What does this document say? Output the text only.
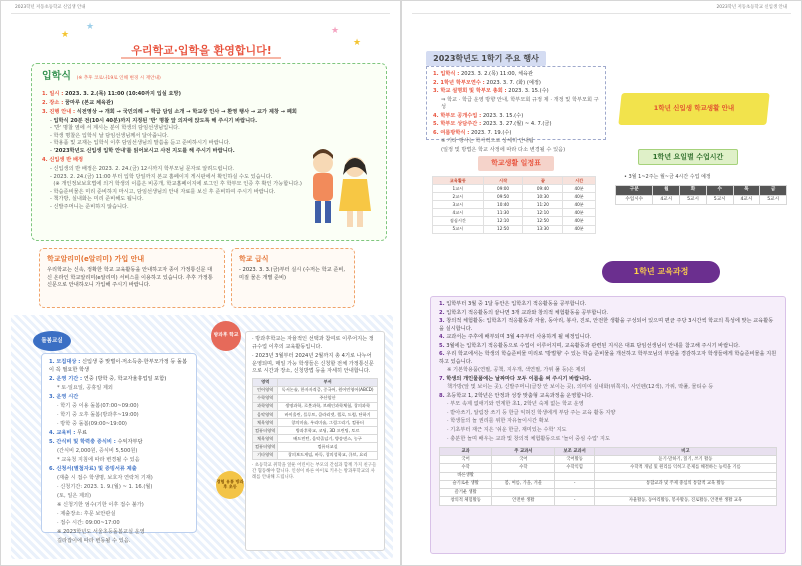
2023학년 저동초등학교 신입생 안내
★
★	★
★
우리학교·입학을 환영합니다!
입학식 (※ 추후 코로나19로 인해 변경 시 재안내)
1. 일시 : 2023. 3. 2.(목) 11:00 (10:40까지 입실 요망)
2. 장소 : 꿈마루 (본교 체육관)
3. 진행 안내 : 식전영상 → 개회 → 국민의례 → 학급 담임 소개 → 학교장 인사 → 환영 행사 → 교가 제창 → 폐회
- 입학식 20분 전(10시 40분)까지 지정된 '반' 명찰 앞 의자에 앉도록 해 주시기 바랍니다.
- '반' 명찰 옆에 서 계시는 분이 학생의 담임선생님입니다.
- 학생 명찰은 입학식 날 담임선생님께서 달아줍니다.
- 학용품 및 교재는 입학식 이후 담임선생님의 말씀을 듣고 준비하시기 바랍니다.
- '2023학년도 신입생 입학 안내'를 읽어보시고 사전 지도를 해 주시기 바랍니다.
4. 신입생 반 배정
- 신입생의 반 배정은 2023. 2. 24.(금) 12시까지 학부모님 문자로 알려드립니다.
- 2023. 2. 24.(금) 11:00 부터 입학 당일까지 본교 홈페이지 게시판에서 확인하실 수도 있습니다.
(※ 개인정보보호법에 의거 학생의 이름은 비공개, 학교홈페이지에 로그인 후 학부모 인증 후 확인 가능합니다.)
- 학습준비물은 미리 준비하지 마시고, 담임선생님의 안내 자료를 보신 후 준비하여 주시기 바랍니다.
- 책가방, 실내화는 미리 준비해도 됩니다.
- 신발주머니는 준비하지 않습니다.
학교알리미(e알리미) 가입 안내
우리학교는 신속, 정확한 학교 교육활동을 안내하고자 종이 가정통신문 대신 온라인 학교알리미(e알리미) 서비스를 이용하고 있습니다. 추후 가정통신문으로 안내하오니 가입해 주시기 바랍니다.
학교 급식
- 2023. 3. 3.(금)부터 실시 (수저는 학교 준비, 미질 물은 개별 준비)
돌봄교실
1. 모집대상 : 신입생 중 맞벌이·저소득층·한부모가정 등 돌봄이 꼭 필요한 학생
2. 운영 기간 : 연중 (방학 중, 학교자율휴업일 포함)
* 토·일요일, 공휴일 제외
3. 운영 시간
· 학기 중 이용 돌봄(07:00~09:00)
· 학기 중 오후 돌봄(방과후~19:00)
· 방학 중 돌봄(09:00~19:00)
4. 교육비 : 무료
5. 간식비 및 학력충 증식비 : 수익자부담
(간식비 2,000원, 증식비 5,500원)
* 교육청 지침에 따라 변경될 수 있음
6. 신청서(별첨자료) 및 증빙서류 제출
(재출 시 접수 학생명, 보호자 연락처 기재)
· 신청기간: 2023. 1. 9.(월) ~ 1. 16.(월)
(토, 일은 제외)
※ 신청기한 엄수(기한 이후 접수 불가)
· 제출장소: 후문 보안관실
· 접수 시간: 09:00~17:00
※ 2023학년도 서울초등돌봄교실 운영
길라잡이에 따라 변동될 수 있음.
방과후 학교

· 방과후학교는 자율적인 선택과 참여로 이루어지는 정규수업 이후의 교육활동입니다.

· 2023년 3월부터 2024년 2월까지 총 4기로 나누어 운영되며, 매일 가능 학생들은 신청할 전체 가정통신문으로 시간과 장소, 신청방법 등을 자세히 안내합니다.

영역	부서
언어영역	독서논술, 한자자격증, 중국어, 원어민영어(ABCD)
수학영역	주산암산
과학영역	생명과학, 로봇과학, 브레인과학체험, 창의과학
음악영역	바이올린, 플루트, 클라리넷, 첼로, 드럼, 단하기
체육영역	창의미술, 우리미술, 그림그리기, 컴퓨터
컴퓨터영역	방과후학교, 코딩, 3D 프린팅, 토르
체육영역	배드민턴, 음악줄넘기, 방송댄스, 농구
컴퓨터영역	컴퓨터교실
기타영역	창의보드게임, 바둑, 창의성학교, 큐브, 요리
· 초등학교 취학을 앞둔 어린이는 부모의 간섭과 함께 가지 친구들 간 협동해야 합니다. 인성이 바른 아이로 키우는 방과후학교의 사례를 안내해 드립니다.
경험 유통 방과후 초등
2023학년 저동초등학교 신입생 안내
2023학년도 1학기 주요 행사
1. 입학식 : 2023. 3. 2.(목) 11:00, 체육관
2. 1학년 학부모연수 : 2023. 3. 7. (화) (예정)
3. 학교 설명회 및 학부모 총회 : 2023. 3. 15.(수)
⇒ 학교 · 학급 운영 방향 안내, 학부모회 규정 제 · 개정 및 학부모회 구성
4. 학부모 공개수업 : 2023. 3. 15.(수)
5. 학부모 상담주간 : 2023. 3. 27.(월) ~ 4. 7.(금)
6. 여름방학식 : 2023. 7. 19.(수)
※ 기타 행사는 학사력으로 상세히 안내됨
(일정 및 방법은 학교 사정에 따라 다소 변경될 수 있음)
1학년 신입생 학교생활 안내
학교생활 일정표
교육활동	시작	끝	시간
1교시	09:00	09:40	40분
2교시	09:50	10:30	40분
3교시	10:40	11:20	40분
4교시	11:30	12:10	40분
점심시간	12:10	12:50	40분
5교시	12:50	13:30	40분
1학년 요일별 수업시간
• 3월 1~2주는 월~금 4시간 수업 예정
구분	월	화	수	목	금
수업시수	4교시	5교시	5교시	4교시	5교시
1학년 교육과정
1. 입학부터 3월 중 1달 동안은 입학초기 적응활동을 공부합니다.
2. 입학초기 적응활동의 끝나면 3개 교과와 창의적 체험활동을 공부합니다.
3. 창의적 체험활동: 입학초기 적응활동과 자율, 동아리, 봉사, 진로, 안전한 생활을 구성되어 있으며 편균 주당 3시간씩 학교의 특성에 맞는 교육활동을 실시합니다.
4. 교과서는 주후에 배부되며 3월 4주부터 사용하게 될 예정입니다.
5. 3월에는 입학초기 적응활동으로 수업이 이루어지며, 교육활동과 관련된 지식은 대표 담임선생님이 안내를 참고해 주시기 바랍니다.
6. 우리 학교에서는 학생의 학습준비물 미리로 '방벌형' 수 있는 학습 준비물을 개선하고 학부모님의 부담을 경감하고자 학생들에게 학습준비물을 지원하고 있습니다.
※ 기본학용품(연필, 공책, 지우개, 색연필, 가위 풀 등)은 제외
7. 학생의 개인물품에는 날짜마다 모두 이름을 써 주시기 바랍니다.
책가방(앞 및 보이는 곳), 신발주머니(글장 안 보이는 곳), 의미여 실내화(위쪽지), 사인펜(12색), 가위, 딱풀, 물티슈 등
8. 초등학교 1, 2학년은 안정과 성장 맞춤형 교육과정을 운영합니다.
· 부모 속제 없애기와 연계한 초1, 2학년 숙제 없는 학교 운영
· 받아쓰기, 알림장 쓰기 등 한글 익혀진 학생에게 부담 주는 교육 활동 지양
· 학생들의 놀 권리를 위한 자유놀이시간 확보
· 기초부터 재근 지은 '쉬운 한글, 재미있는 수학' 지도
· 충분한 놀며 배우는 교과 및 창의적 체험활동으로 '놀이 중심 수업' 지도
교과	주 교과서	보조 교과서	비고
국어	국어	국어활동	듣기·말하기, 읽기, 쓰기 활동
수학	수학	수학익힘	수학적 개념 및 원리를 익히고 문제를 해결하는 능력을 기름
바른생활			
슬기로운 생활	봄, 여름, 가을, 겨울	-	통합교과 및 주제 중심의 통합적 교육 활동
즐거운 생활			
창의적 체험활동	안전한 생활	-	자율활동, 동아리활동, 봉사활동, 진로활동, 안전한 생활 교육
